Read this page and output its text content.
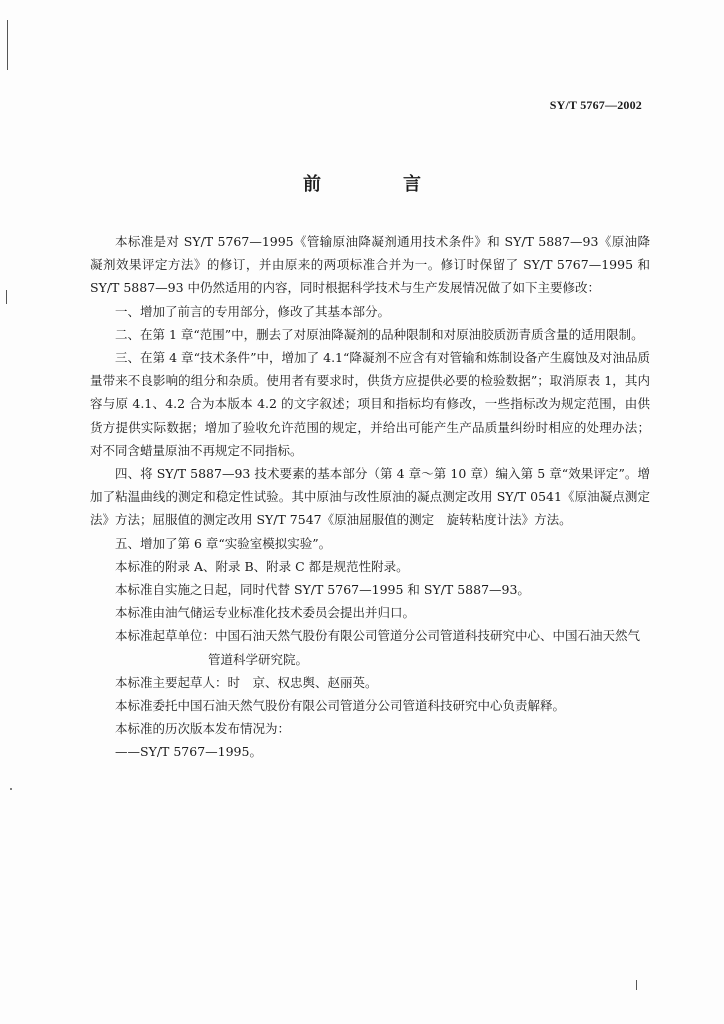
SY/T 5767—2002
前　言

本标准是对 SY/T 5767—1995《管输原油降凝剂通用技术条件》和 SY/T 5887—93《原油降凝剂效果评定方法》的修订，并由原来的两项标准合并为一。修订时保留了 SY/T 5767—1995 和 SY/T 5887—93 中仍然适用的内容，同时根据科学技术与生产发展情况做了如下主要修改：

一、增加了前言的专用部分，修改了其基本部分。

二、在第 1 章“范围”中，删去了对原油降凝剂的品种限制和对原油胶质沥青质含量的适用限制。

三、在第 4 章“技术条件”中，增加了 4.1“降凝剂不应含有对管输和炼制设备产生腐蚀及对油品质量带来不良影响的组分和杂质。使用者有要求时，供货方应提供必要的检验数据”；取消原表 1，其内容与原 4.1、4.2 合为本版本 4.2 的文字叙述；项目和指标均有修改，一些指标改为规定范围，由供货方提供实际数据；增加了验收允许范围的规定，并给出可能产生产品质量纠纷时相应的处理办法；对不同含蜡量原油不再规定不同指标。

四、将 SY/T 5887—93 技术要素的基本部分（第 4 章～第 10 章）编入第 5 章“效果评定”。增加了粘温曲线的测定和稳定性试验。其中原油与改性原油的凝点测定改用 SY/T 0541《原油凝点测定法》方法；屈服值的测定改用 SY/T 7547《原油屈服值的测定　旋转粘度计法》方法。

五、增加了第 6 章“实验室模拟实验”。

本标准的附录 A、附录 B、附录 C 都是规范性附录。

本标准自实施之日起，同时代替 SY/T 5767—1995 和 SY/T 5887—93。

本标准由油气储运专业标准化技术委员会提出并归口。

本标准起草单位：中国石油天然气股份有限公司管道分公司管道科技研究中心、中国石油天然气

管道科学研究院。

本标准主要起草人：时　京、权忠舆、赵丽英。

本标准委托中国石油天然气股份有限公司管道分公司管道科技研究中心负责解释。

本标准的历次版本发布情况为：

——SY/T 5767—1995。
